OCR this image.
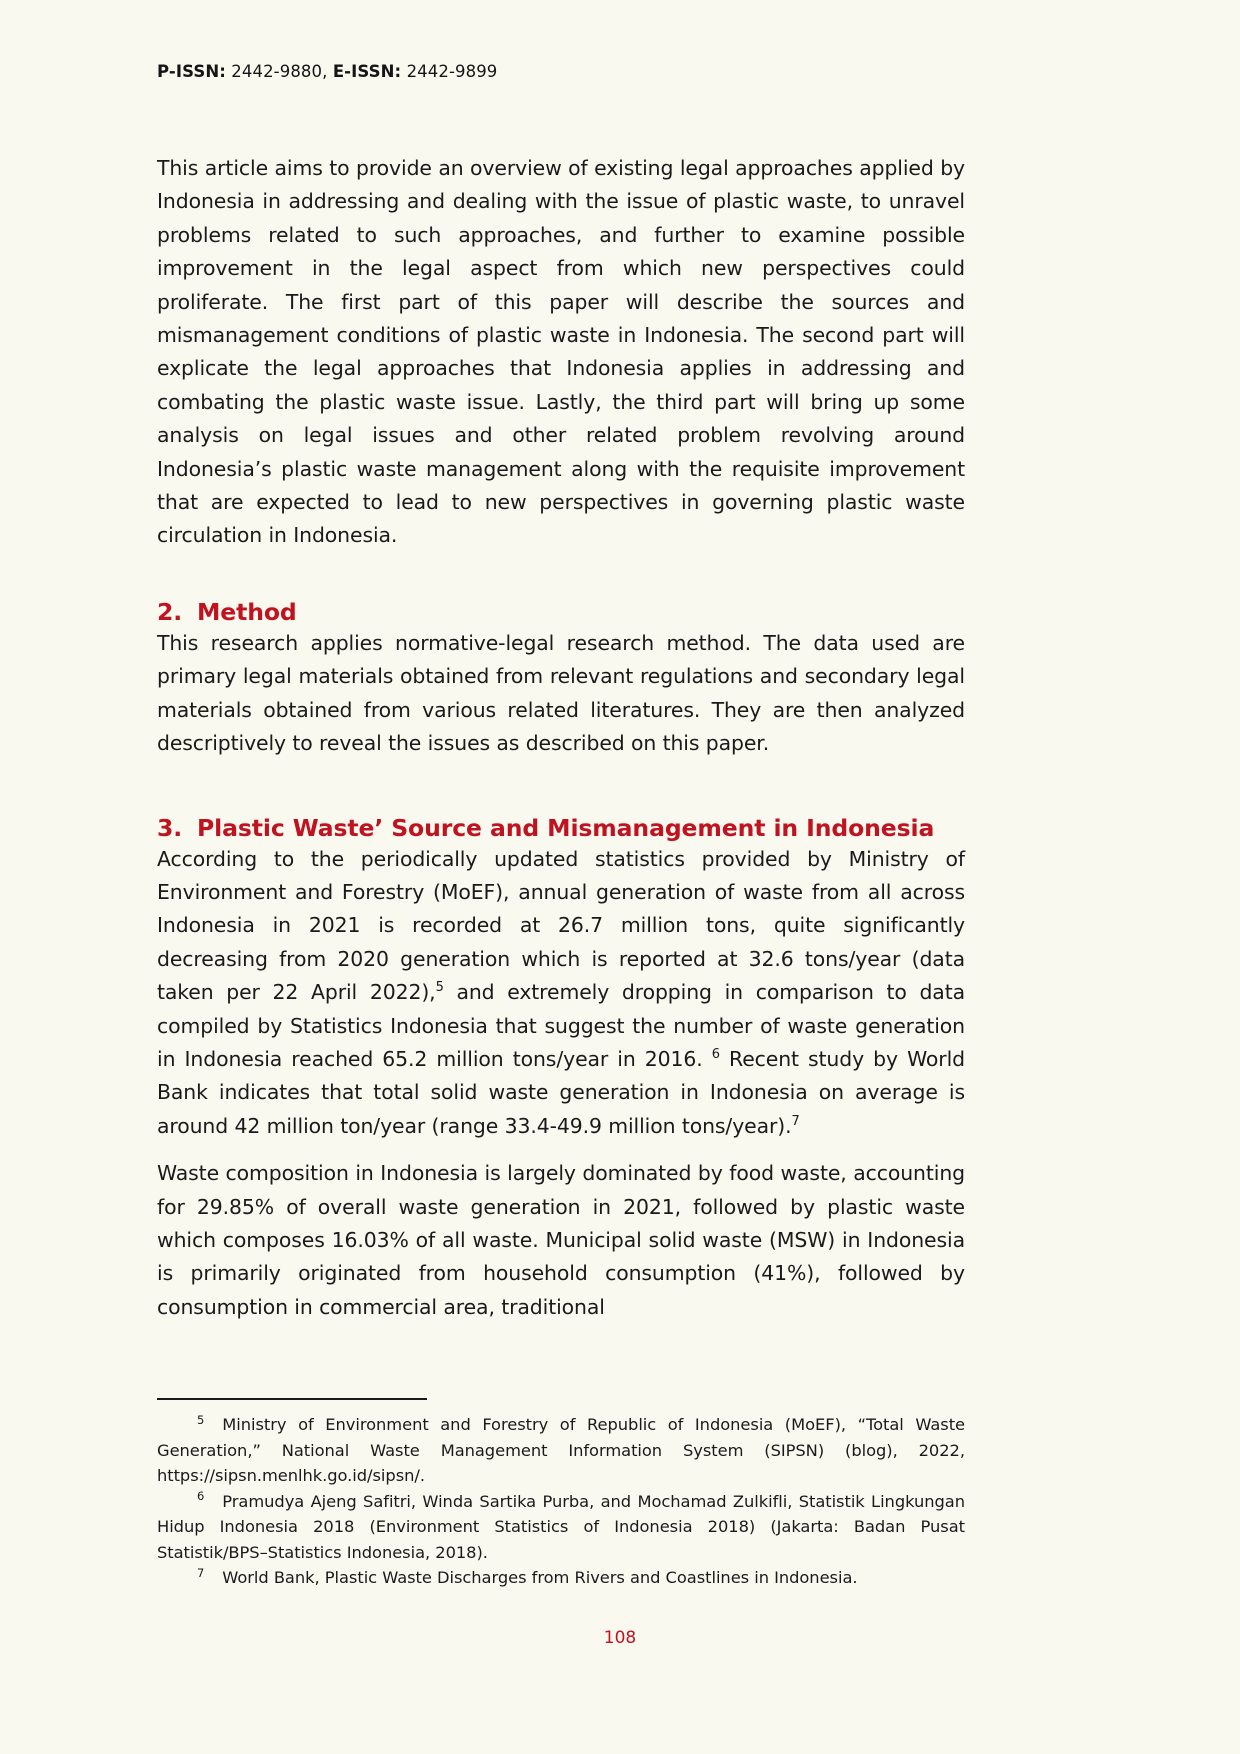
P-ISSN: 2442-9880, E-ISSN: 2442-9899

This article aims to provide an overview of existing legal approaches applied by Indonesia in addressing and dealing with the issue of plastic waste, to unravel problems related to such approaches, and further to examine possible improvement in the legal aspect from which new perspectives could proliferate. The first part of this paper will describe the sources and mismanagement conditions of plastic waste in Indonesia. The second part will explicate the legal approaches that Indonesia applies in addressing and combating the plastic waste issue. Lastly, the third part will bring up some analysis on legal issues and other related problem revolving around Indonesia’s plastic waste management along with the requisite improvement that are expected to lead to new perspectives in governing plastic waste circulation in Indonesia.

2. Method

This research applies normative-legal research method. The data used are primary legal materials obtained from relevant regulations and secondary legal materials obtained from various related literatures. They are then analyzed descriptively to reveal the issues as described on this paper.

3. Plastic Waste’ Source and Mismanagement in Indonesia

According to the periodically updated statistics provided by Ministry of Environment and Forestry (MoEF), annual generation of waste from all across Indonesia in 2021 is recorded at 26.7 million tons, quite significantly decreasing from 2020 generation which is reported at 32.6 tons/year (data taken per 22 April 2022),$^5$ and extremely dropping in comparison to data compiled by Statistics Indonesia that suggest the number of waste generation in Indonesia reached 65.2 million tons/year in 2016. $^6$ Recent study by World Bank indicates that total solid waste generation in Indonesia on average is around 42 million ton/year (range 33.4-49.9 million tons/year).$^7$

Waste composition in Indonesia is largely dominated by food waste, accounting for 29.85% of overall waste generation in 2021, followed by plastic waste which composes 16.03% of all waste. Municipal solid waste (MSW) in Indonesia is primarily originated from household consumption (41%), followed by consumption in commercial area, traditional

$^5$ Ministry of Environment and Forestry of Republic of Indonesia (MoEF), “Total Waste Generation,” National Waste Management Information System (SIPSN) (blog), 2022, https://sipsn.menlhk.go.id/sipsn/.

$^6$ Pramudya Ajeng Safitri, Winda Sartika Purba, and Mochamad Zulkifli, Statistik Lingkungan Hidup Indonesia 2018 (Environment Statistics of Indonesia 2018) (Jakarta: Badan Pusat Statistik/BPS–Statistics Indonesia, 2018).

$^7$ World Bank, Plastic Waste Discharges from Rivers and Coastlines in Indonesia.

108
